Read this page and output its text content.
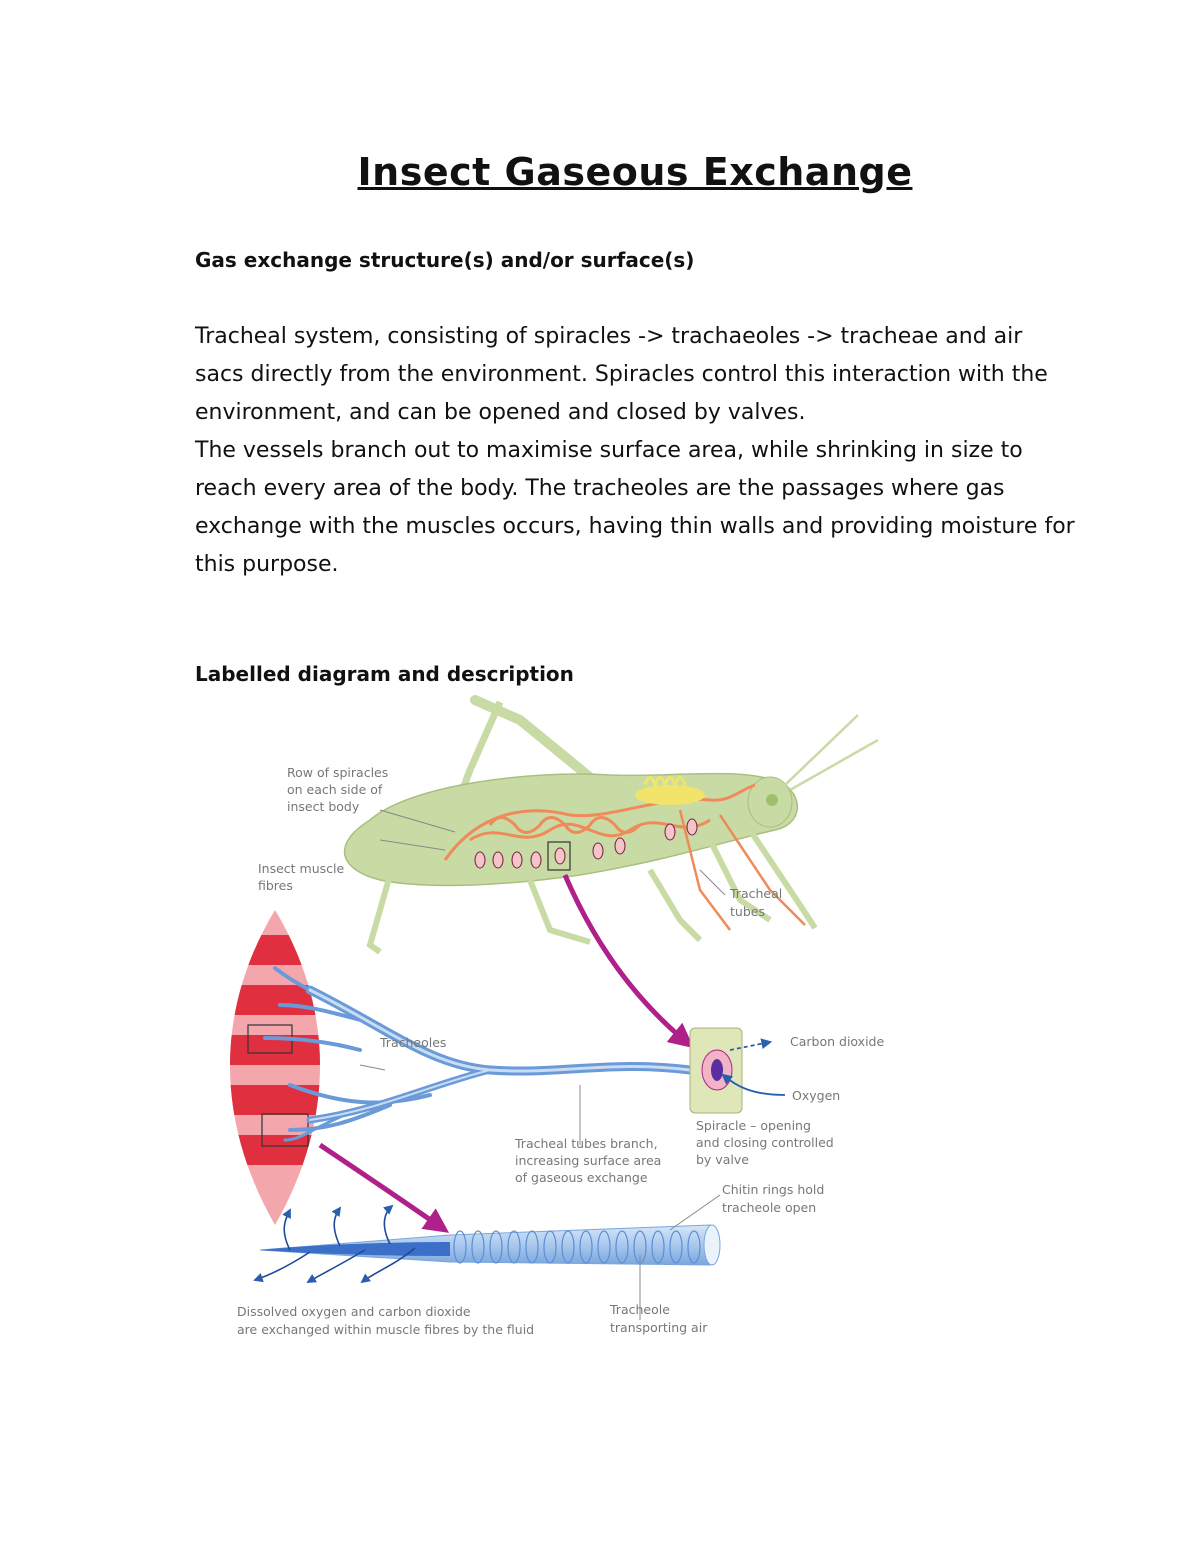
Insect Gaseous Exchange
Gas exchange structure(s) and/or surface(s)

Tracheal system, consisting of spiracles -> trachaeoles -> tracheae and air sacs directly from the environment. Spiracles control this interaction with the environment, and can be opened and closed by valves.

The vessels branch out to maximise surface area, while shrinking in size to reach every area of the body. The tracheoles are the passages where gas exchange with the muscles occurs, having thin walls and providing moisture for this purpose.

Labelled diagram and description
Row of spiracles on each side of insect body
Insect muscle fibres
Tracheal tubes
Tracheoles	Carbon dioxide
Oxygen
Spiracle – opening and closing controlled by valve
Tracheal tubes branch, increasing surface area of gaseous exchange
Chitin rings hold tracheole open
Dissolved oxygen and carbon dioxide are exchanged within muscle fibres by the fluid
Tracheole transporting air
